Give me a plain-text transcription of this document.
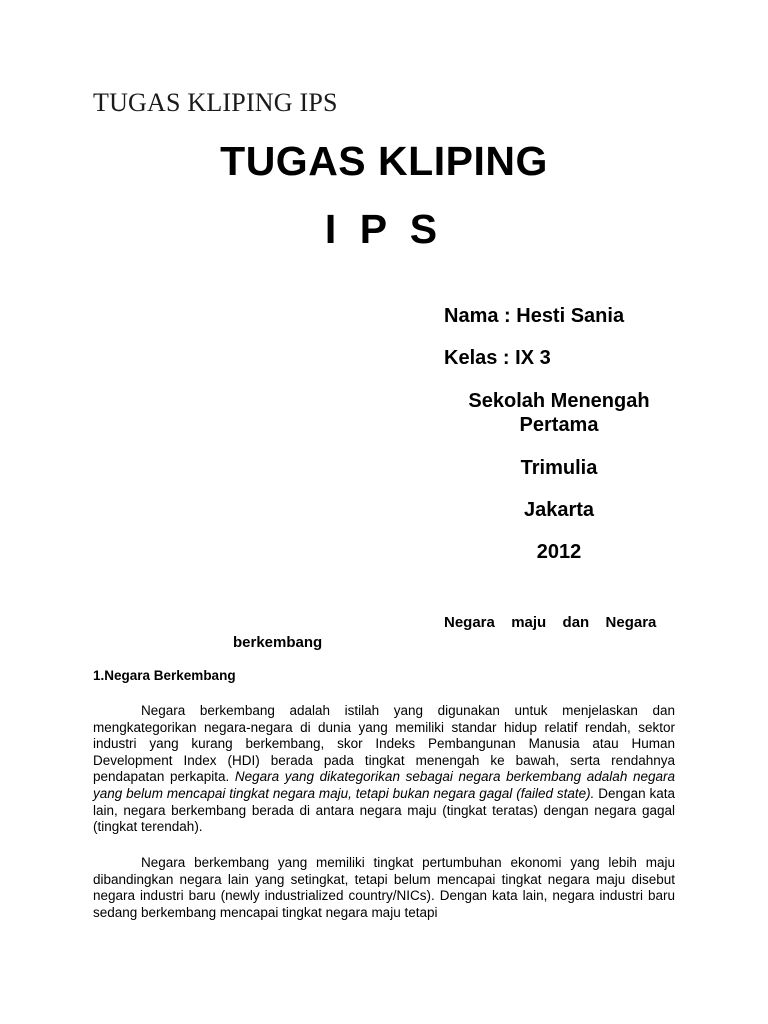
TUGAS KLIPING IPS
TUGAS KLIPING
I P S
Nama : Hesti Sania
Kelas : IX 3
Sekolah Menengah
Pertama
Trimulia
Jakarta
2012
Negara  maju  dan  Negara
berkembang
1.Negara Berkembang

Negara berkembang adalah istilah yang digunakan untuk menjelaskan dan mengkategorikan negara-negara di dunia yang memiliki standar hidup relatif rendah, sektor industri yang kurang berkembang, skor Indeks Pembangunan Manusia atau Human Development Index (HDI) berada pada tingkat menengah ke bawah, serta rendahnya pendapatan perkapita. Negara yang dikategorikan sebagai negara berkembang adalah negara yang belum mencapai tingkat negara maju, tetapi bukan negara gagal (failed state). Dengan kata lain, negara berkembang berada di antara negara maju (tingkat teratas) dengan negara gagal (tingkat terendah).

Negara berkembang yang memiliki tingkat pertumbuhan ekonomi yang lebih maju dibandingkan negara lain yang setingkat, tetapi belum mencapai tingkat negara maju disebut negara industri baru (newly industrialized country/NICs). Dengan kata lain, negara industri baru sedang berkembang mencapai tingkat negara maju tetapi
